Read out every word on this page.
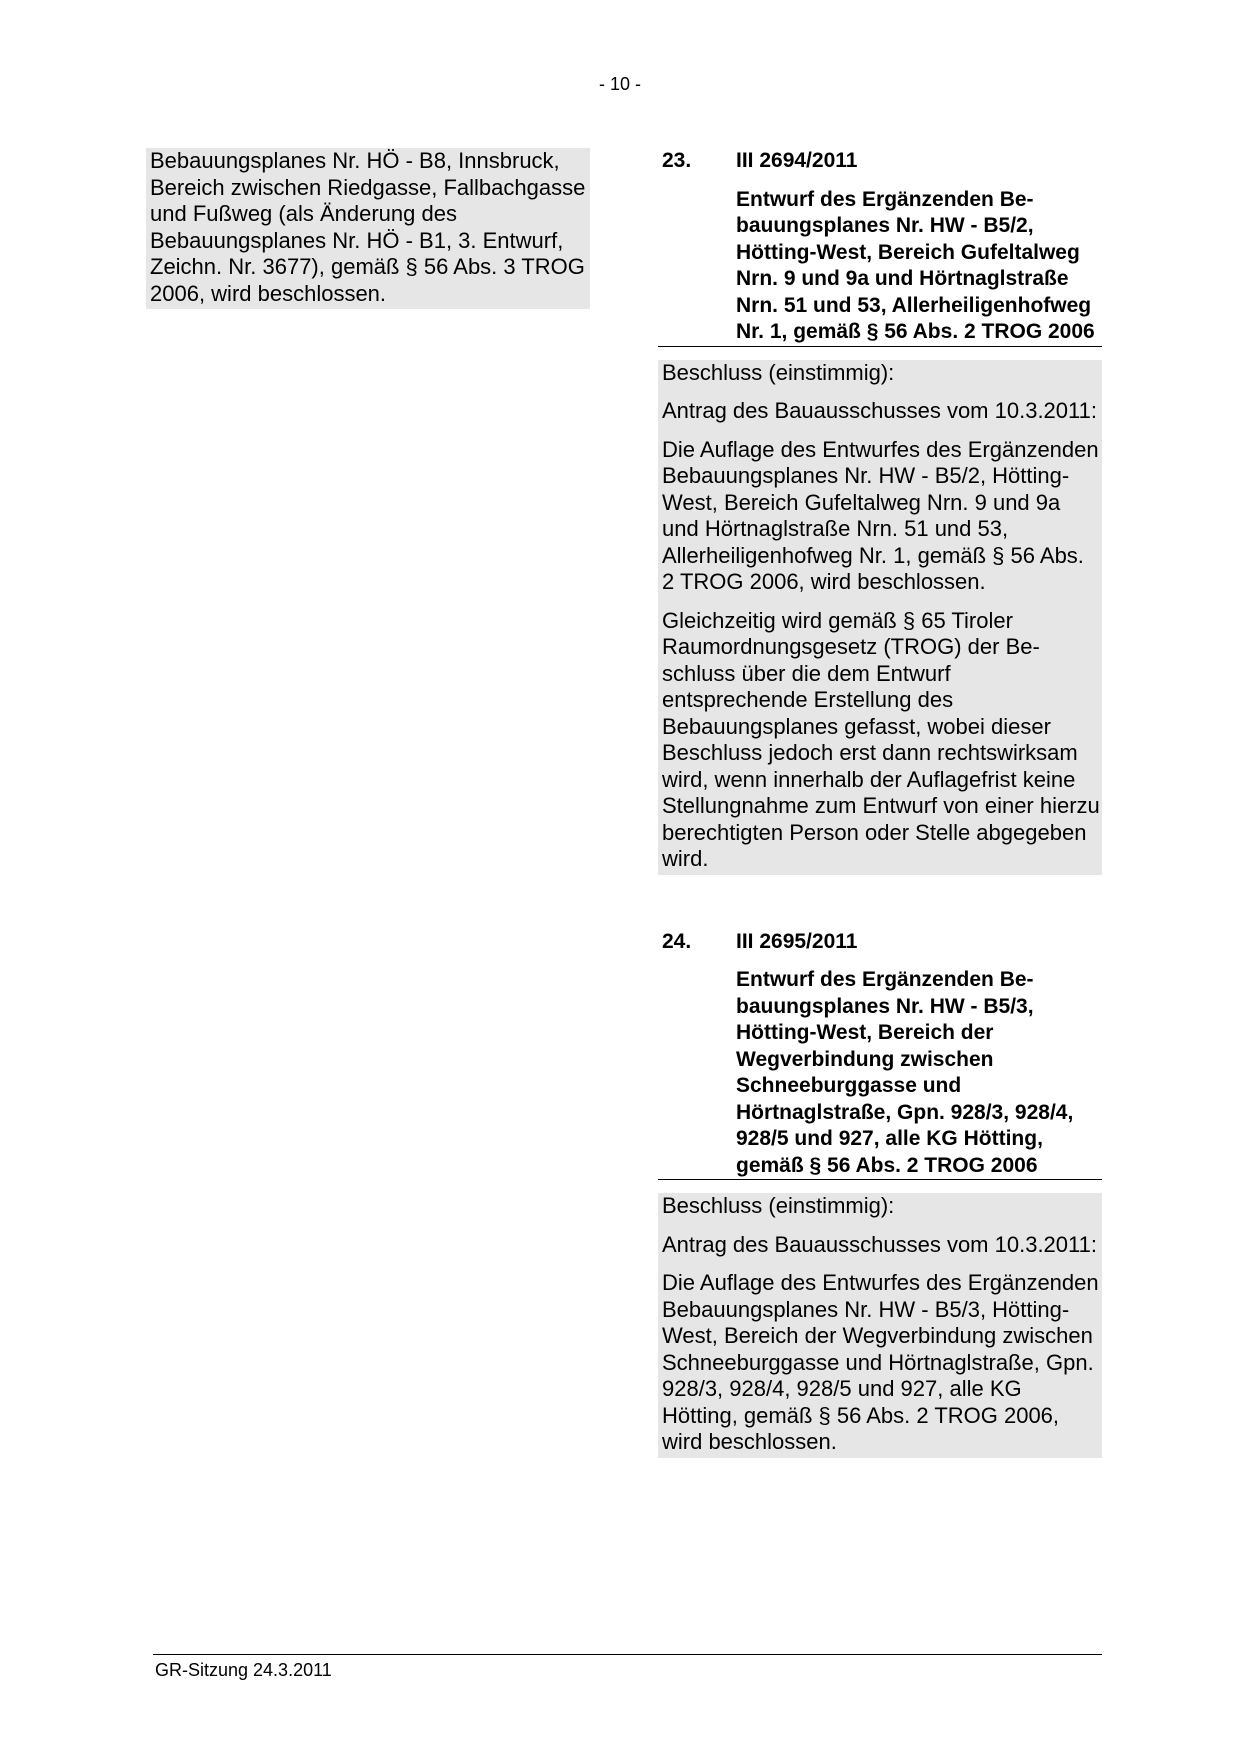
- 10 -

Bebauungsplanes Nr. HÖ - B8, Innsbruck, Bereich zwischen Riedgasse, Fallbachgasse und Fußweg (als Änderung des Bebauungsplanes Nr. HÖ - B1, 3. Entwurf, Zeichn. Nr. 3677), gemäß § 56 Abs. 3 TROG 2006, wird beschlossen.

23.	III 2694/2011
Entwurf des Ergänzenden Be-bauungsplanes Nr. HW - B5/2, Hötting-West, Bereich Gufeltalweg Nrn. 9 und 9a und Hörtnaglstraße Nrn. 51 und 53, Allerheiligenhofweg Nr. 1, gemäß § 56 Abs. 2 TROG 2006

Beschluss (einstimmig):

Antrag des Bauausschusses vom 10.3.2011:

Die Auflage des Entwurfes des Ergänzenden Bebauungsplanes Nr. HW - B5/2, Hötting-West, Bereich Gufeltalweg Nrn. 9 und 9a und Hörtnaglstraße Nrn. 51 und 53, Allerheiligenhofweg Nr. 1, gemäß § 56 Abs. 2 TROG 2006, wird beschlossen.

Gleichzeitig wird gemäß § 65 Tiroler Raumordnungsgesetz (TROG) der Be-schluss über die dem Entwurf entsprechende Erstellung des Bebauungsplanes gefasst, wobei dieser Beschluss jedoch erst dann rechtswirksam wird, wenn innerhalb der Auflagefrist keine Stellungnahme zum Entwurf von einer hierzu berechtigten Person oder Stelle abgegeben wird.

24.	III 2695/2011
Entwurf des Ergänzenden Be-bauungsplanes Nr. HW - B5/3, Hötting-West, Bereich der Wegverbindung zwischen Schneeburggasse und Hörtnaglstraße, Gpn. 928/3, 928/4, 928/5 und 927, alle KG Hötting, gemäß § 56 Abs. 2 TROG 2006

Beschluss (einstimmig):

Antrag des Bauausschusses vom 10.3.2011:

Die Auflage des Entwurfes des Ergänzenden Bebauungsplanes Nr. HW - B5/3, Hötting-West, Bereich der Wegverbindung zwischen Schneeburggasse und Hörtnaglstraße, Gpn. 928/3, 928/4, 928/5 und 927, alle KG Hötting, gemäß § 56 Abs. 2 TROG 2006, wird beschlossen.

GR-Sitzung 24.3.2011
